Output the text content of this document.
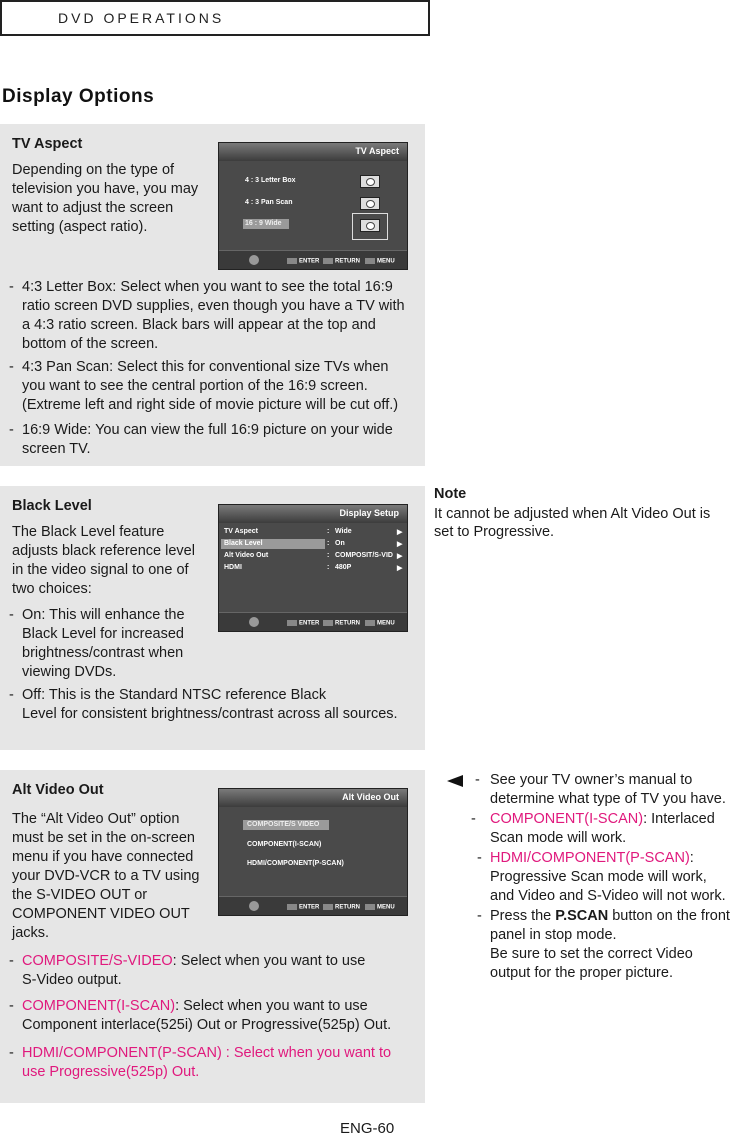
DVD OPERATIONS
Display Options
TV Aspect
Depending on the type of
television you have, you may
want to adjust the screen
setting (aspect ratio).
TV Aspect
4 : 3 Letter Box
4 : 3 Pan Scan
16 : 9 Wide
ENTER	RETURN	MENU
- 4:3 Letter Box: Select when you want to see the total 16:9
ratio screen DVD supplies, even though you have a TV with
a 4:3 ratio screen. Black bars will appear at the top and
bottom of the screen.
- 4:3 Pan Scan: Select this for conventional size TVs when
you want to see the central portion of the 16:9 screen.
(Extreme left and right side of movie picture will be cut off.)
- 16:9 Wide: You can view the full 16:9 picture on your wide
screen TV.
Black Level
The Black Level feature
adjusts black reference level
in the video signal to one of
two choices:
Display Setup
TV Aspect	: Wide	▶
Black Level	: On	▶
Alt Video Out	: COMPOSIT/S-VID ▶
HDMI	: 480P	▶
ENTER	RETURN	MENU
- On: This will enhance the
Black Level for increased
brightness/contrast when
viewing DVDs.
- Off: This is the Standard NTSC reference Black
Level for consistent brightness/contrast across all sources.
Alt Video Out
The “Alt Video Out” option
must be set in the on-screen
menu if you have connected
your DVD-VCR to a TV using
the S-VIDEO OUT or
COMPONENT VIDEO OUT
jacks.
Alt Video Out
COMPOSITE/S VIDEO
COMPONENT(I-SCAN)
HDMI/COMPONENT(P-SCAN)
ENTER	RETURN	MENU
- COMPOSITE/S-VIDEO: Select when you want to use
S-Video output.
- COMPONENT(I-SCAN): Select when you want to use
Component interlace(525i) Out or Progressive(525p) Out.
- HDMI/COMPONENT(P-SCAN) : Select when you want to
use Progressive(525p) Out.
Note
It cannot be adjusted when Alt Video Out is
set to Progressive.
- See your TV owner’s manual to
determine what type of TV you have.
- COMPONENT(I-SCAN): Interlaced
Scan mode will work.
- HDMI/COMPONENT(P-SCAN):
Progressive Scan mode will work,
and Video and S-Video will not work.
- Press the P.SCAN button on the front
panel in stop mode.
Be sure to set the correct Video
output for the proper picture.
ENG-60
